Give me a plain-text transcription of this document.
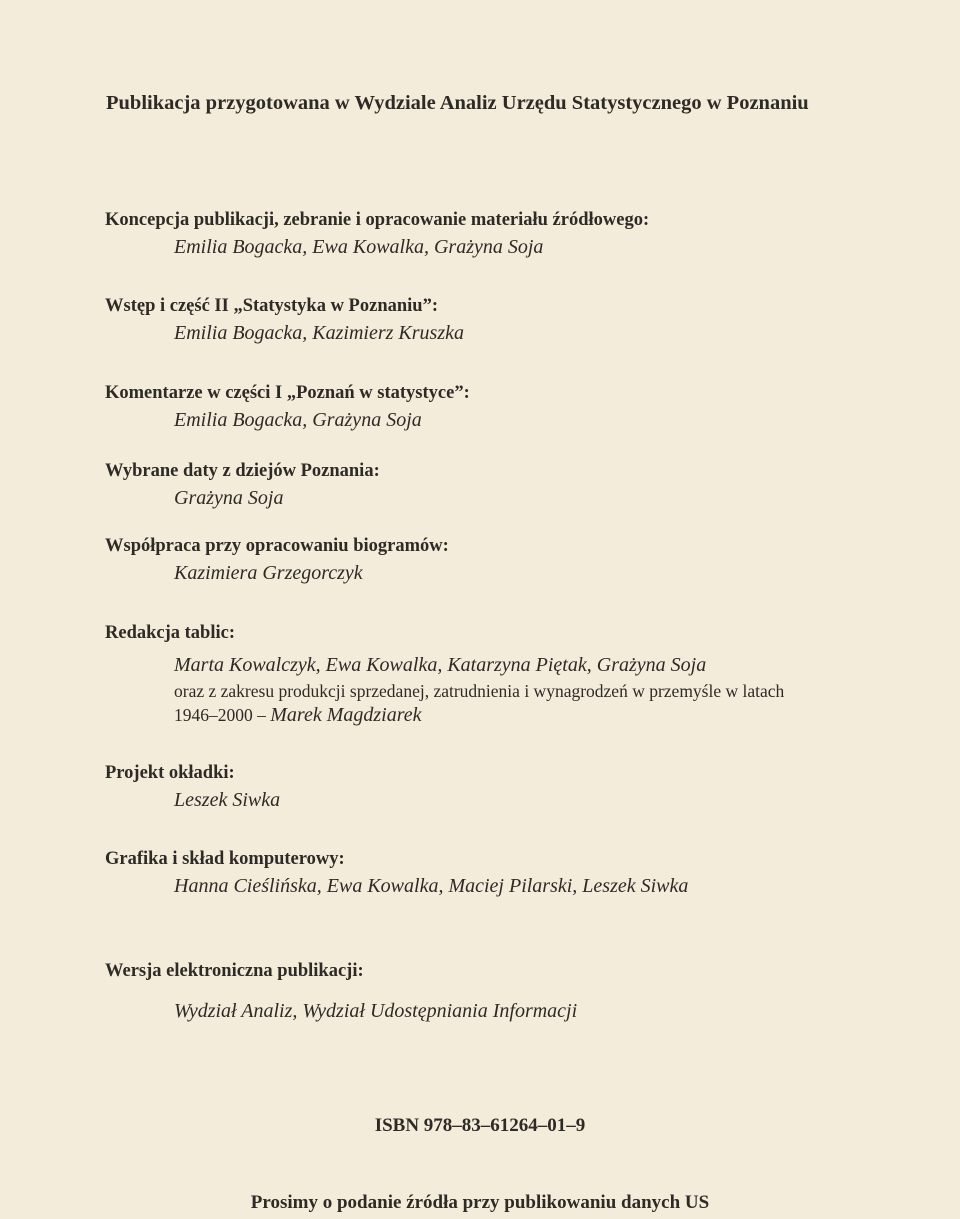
Publikacja przygotowana w Wydziale Analiz Urzędu Statystycznego w Poznaniu
Koncepcja publikacji, zebranie i opracowanie materiału źródłowego:
Emilia Bogacka, Ewa Kowalka, Grażyna Soja
Wstęp i część II „Statystyka w Poznaniu”:
Emilia Bogacka, Kazimierz Kruszka
Komentarze w części I „Poznań w statystyce”:
Emilia Bogacka, Grażyna Soja
Wybrane daty z dziejów Poznania:
Grażyna Soja
Współpraca przy opracowaniu biogramów:
Kazimiera Grzegorczyk
Redakcja tablic:
Marta Kowalczyk, Ewa Kowalka, Katarzyna Piętak, Grażyna Soja
oraz z zakresu produkcji sprzedanej, zatrudnienia i wynagrodzeń w przemyśle w latach
1946–2000 – Marek Magdziarek
Projekt okładki:
Leszek Siwka
Grafika i skład komputerowy:
Hanna Cieślińska, Ewa Kowalka, Maciej Pilarski, Leszek Siwka
Wersja elektroniczna publikacji:
Wydział Analiz, Wydział Udostępniania Informacji
ISBN 978–83–61264–01–9
Prosimy o podanie źródła przy publikowaniu danych US
